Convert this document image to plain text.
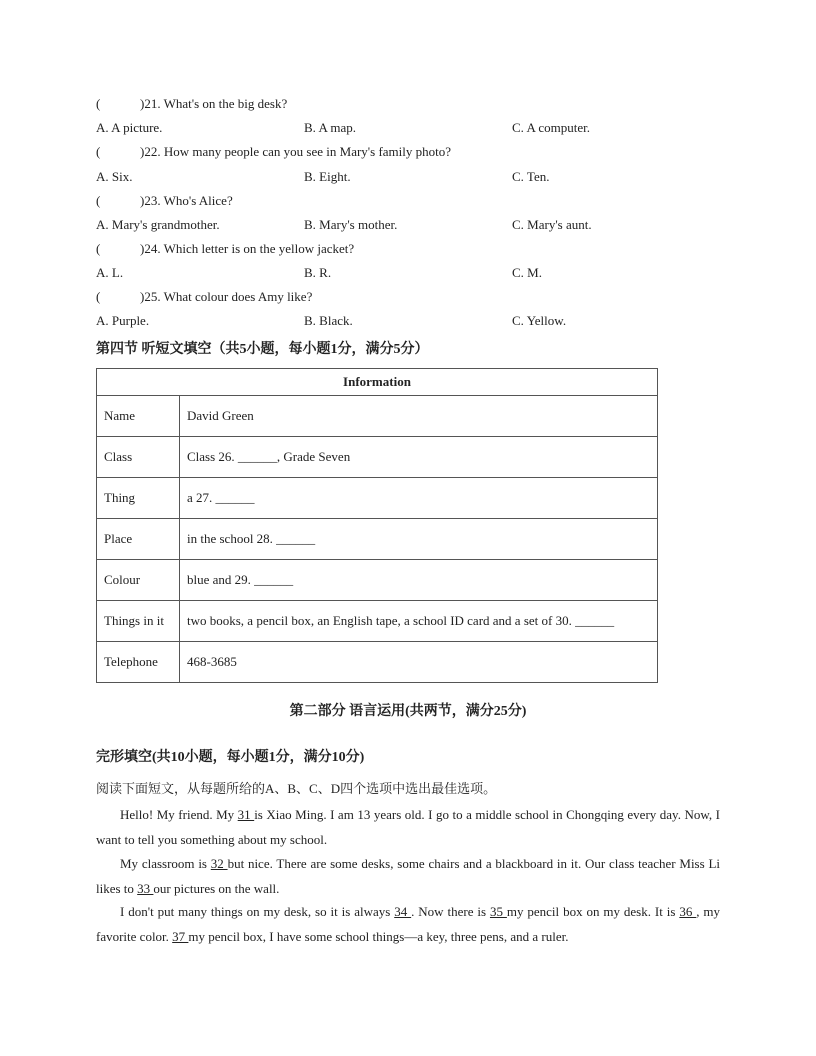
(	)21. What's on the big desk?
A. A picture.	B. A map.	C. A computer.
(	)22. How many people can you see in Mary's family photo?
A. Six.	B. Eight.	C. Ten.
(	)23. Who's Alice?
A. Mary's grandmother.	B. Mary's mother.	C. Mary's aunt.
(	)24. Which letter is on the yellow jacket?
A. L.	B. R.	C. M.
(	)25. What colour does Amy like?
A. Purple.	B. Black.	C. Yellow.
第四节 听短文填空（共5小题，每小题1分，满分5分）
Information	
Name	David Green
Class	Class 26. ______, Grade Seven
Thing	a 27. ______
Place	in the school 28. ______
Colour	blue and 29. ______
Things in it	two books, a pencil box, an English tape, a school ID card and a set of 30. ______
Telephone	468-3685
第二部分 语言运用(共两节，满分25分)
完形填空(共10小题，每小题1分，满分10分)
阅读下面短文，从每题所给的A、B、C、D四个选项中选出最佳选项。
Hello! My friend. My 31 is Xiao Ming. I am 13 years old. I go to a middle school in Chongqing every day. Now, I want to tell you something about my school.
My classroom is 32 but nice. There are some desks, some chairs and a blackboard in it. Our class teacher Miss Li likes to 33 our pictures on the wall.
I don't put many things on my desk, so it is always 34 . Now there is 35 my pencil box on my desk. It is 36 , my favorite color. 37 my pencil box, I have some school things—a key, three pens, and a ruler.
